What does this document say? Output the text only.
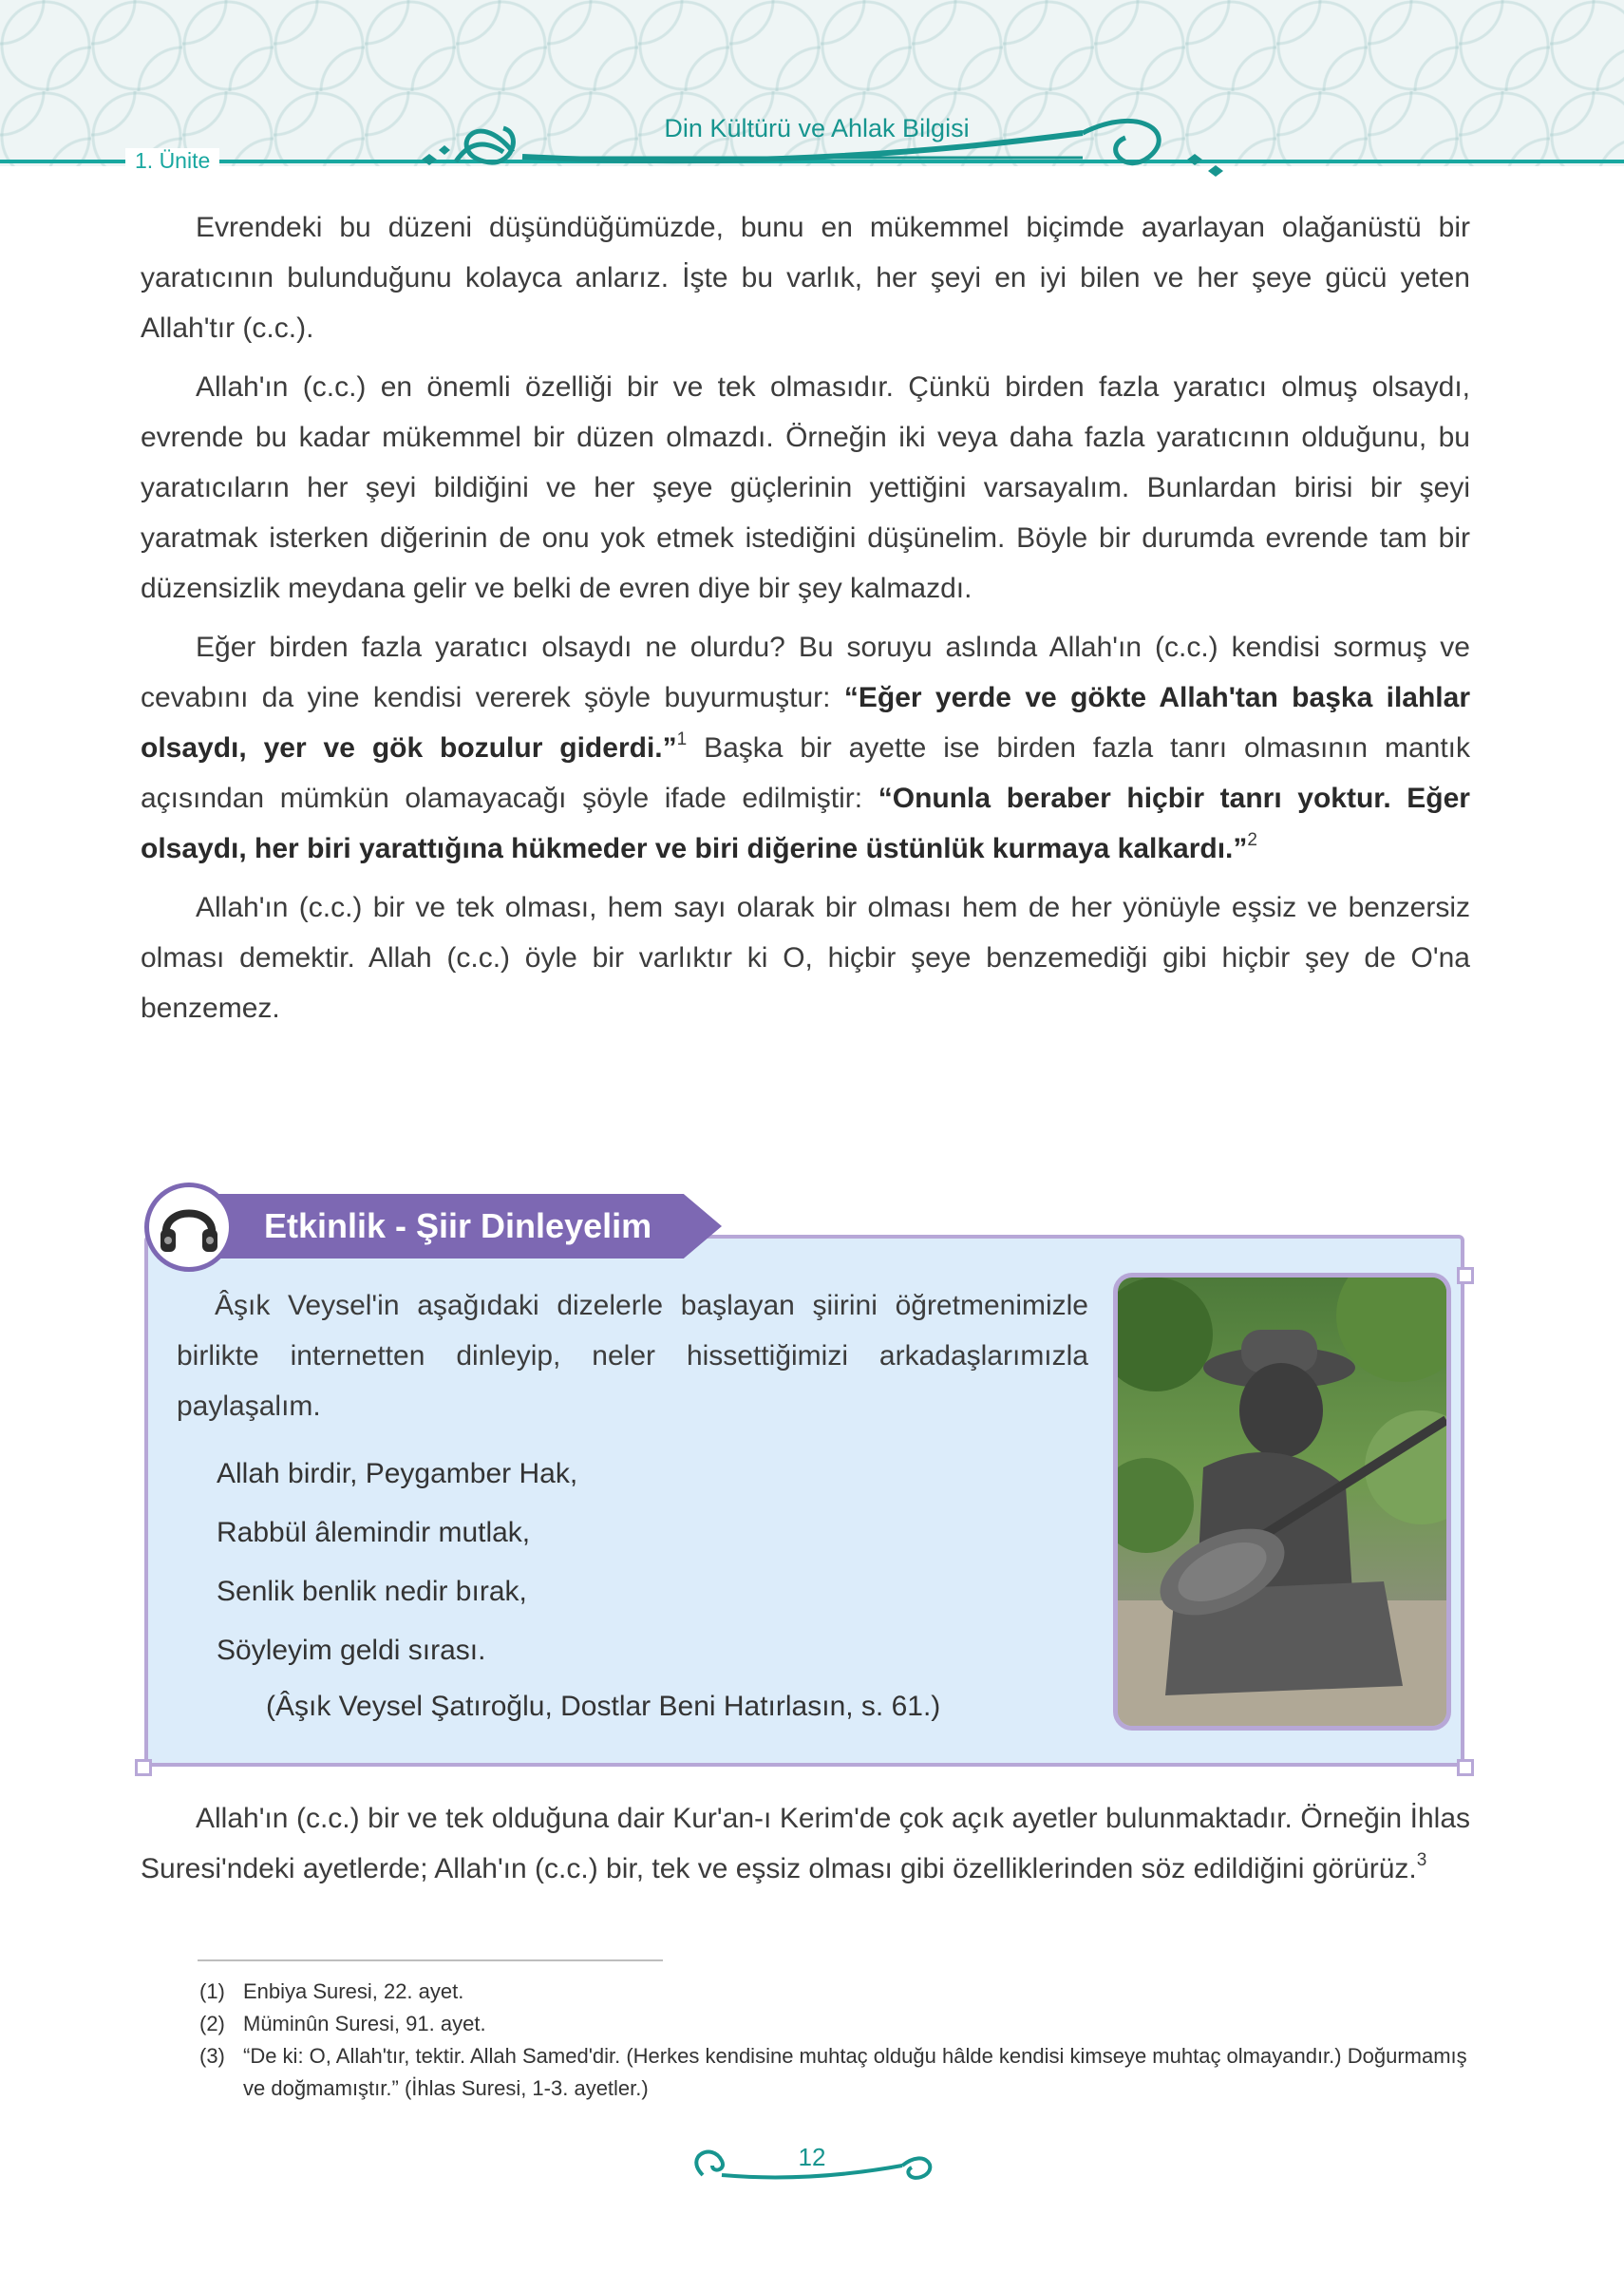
1. Ünite
Din Kültürü ve Ahlak Bilgisi

Evrendeki bu düzeni düşündüğümüzde, bunu en mükemmel biçimde ayarlayan olağanüstü bir yaratıcının bulunduğunu kolayca anlarız. İşte bu varlık, her şeyi en iyi bilen ve her şeye gücü yeten Allah'tır (c.c.).

Allah'ın (c.c.) en önemli özelliği bir ve tek olmasıdır. Çünkü birden fazla yaratıcı olmuş olsaydı, evrende bu kadar mükemmel bir düzen olmazdı. Örneğin iki veya daha fazla yaratıcının olduğunu, bu yaratıcıların her şeyi bildiğini ve her şeye güçlerinin yettiğini varsayalım. Bunlardan birisi bir şeyi yaratmak isterken diğerinin de onu yok etmek istediğini düşünelim. Böyle bir durumda evrende tam bir düzensizlik meydana gelir ve belki de evren diye bir şey kalmazdı.

Eğer birden fazla yaratıcı olsaydı ne olurdu? Bu soruyu aslında Allah'ın (c.c.) kendisi sormuş ve cevabını da yine kendisi vererek şöyle buyurmuştur: “Eğer yerde ve gökte Allah'tan başka ilahlar olsaydı, yer ve gök bozulur giderdi.”$^1$ Başka bir ayette ise birden fazla tanrı olmasının mantık açısından mümkün olamayacağı şöyle ifade edilmiştir: “Onunla beraber hiçbir tanrı yoktur. Eğer olsaydı, her biri yarattığına hükmeder ve biri diğerine üstünlük kurmaya kalkardı.”$^2$

Allah'ın (c.c.) bir ve tek olması, hem sayı olarak bir olması hem de her yönüyle eşsiz ve benzersiz olması demektir. Allah (c.c.) öyle bir varlıktır ki O, hiçbir şeye benzemediği gibi hiçbir şey de O'na benzemez.

Etkinlik - Şiir Dinleyelim

Âşık Veysel'in aşağıdaki dizelerle başlayan şiirini öğretmenimizle birlikte internetten dinleyip, neler hissettiğimizi arkadaşlarımızla paylaşalım.

Allah birdir, Peygamber Hak,
Rabbül âlemindir mutlak,
Senlik benlik nedir bırak,
Söyleyim geldi sırası.
(Âşık Veysel Şatıroğlu, Dostlar Beni Hatırlasın, s. 61.)

Allah'ın (c.c.) bir ve tek olduğuna dair Kur'an-ı Kerim'de çok açık ayetler bulunmaktadır. Örneğin İhlas Suresi'ndeki ayetlerde; Allah'ın (c.c.) bir, tek ve eşsiz olması gibi özelliklerinden söz edildiğini görürüz.$^3$

(1) Enbiya Suresi, 22. ayet.
(2) Müminûn Suresi, 91. ayet.
(3) “De ki: O, Allah'tır, tektir. Allah Samed'dir. (Herkes kendisine muhtaç olduğu hâlde kendisi kimseye muhtaç olmayandır.) Doğurmamış ve doğmamıştır.” (İhlas Suresi, 1-3. ayetler.)
12
